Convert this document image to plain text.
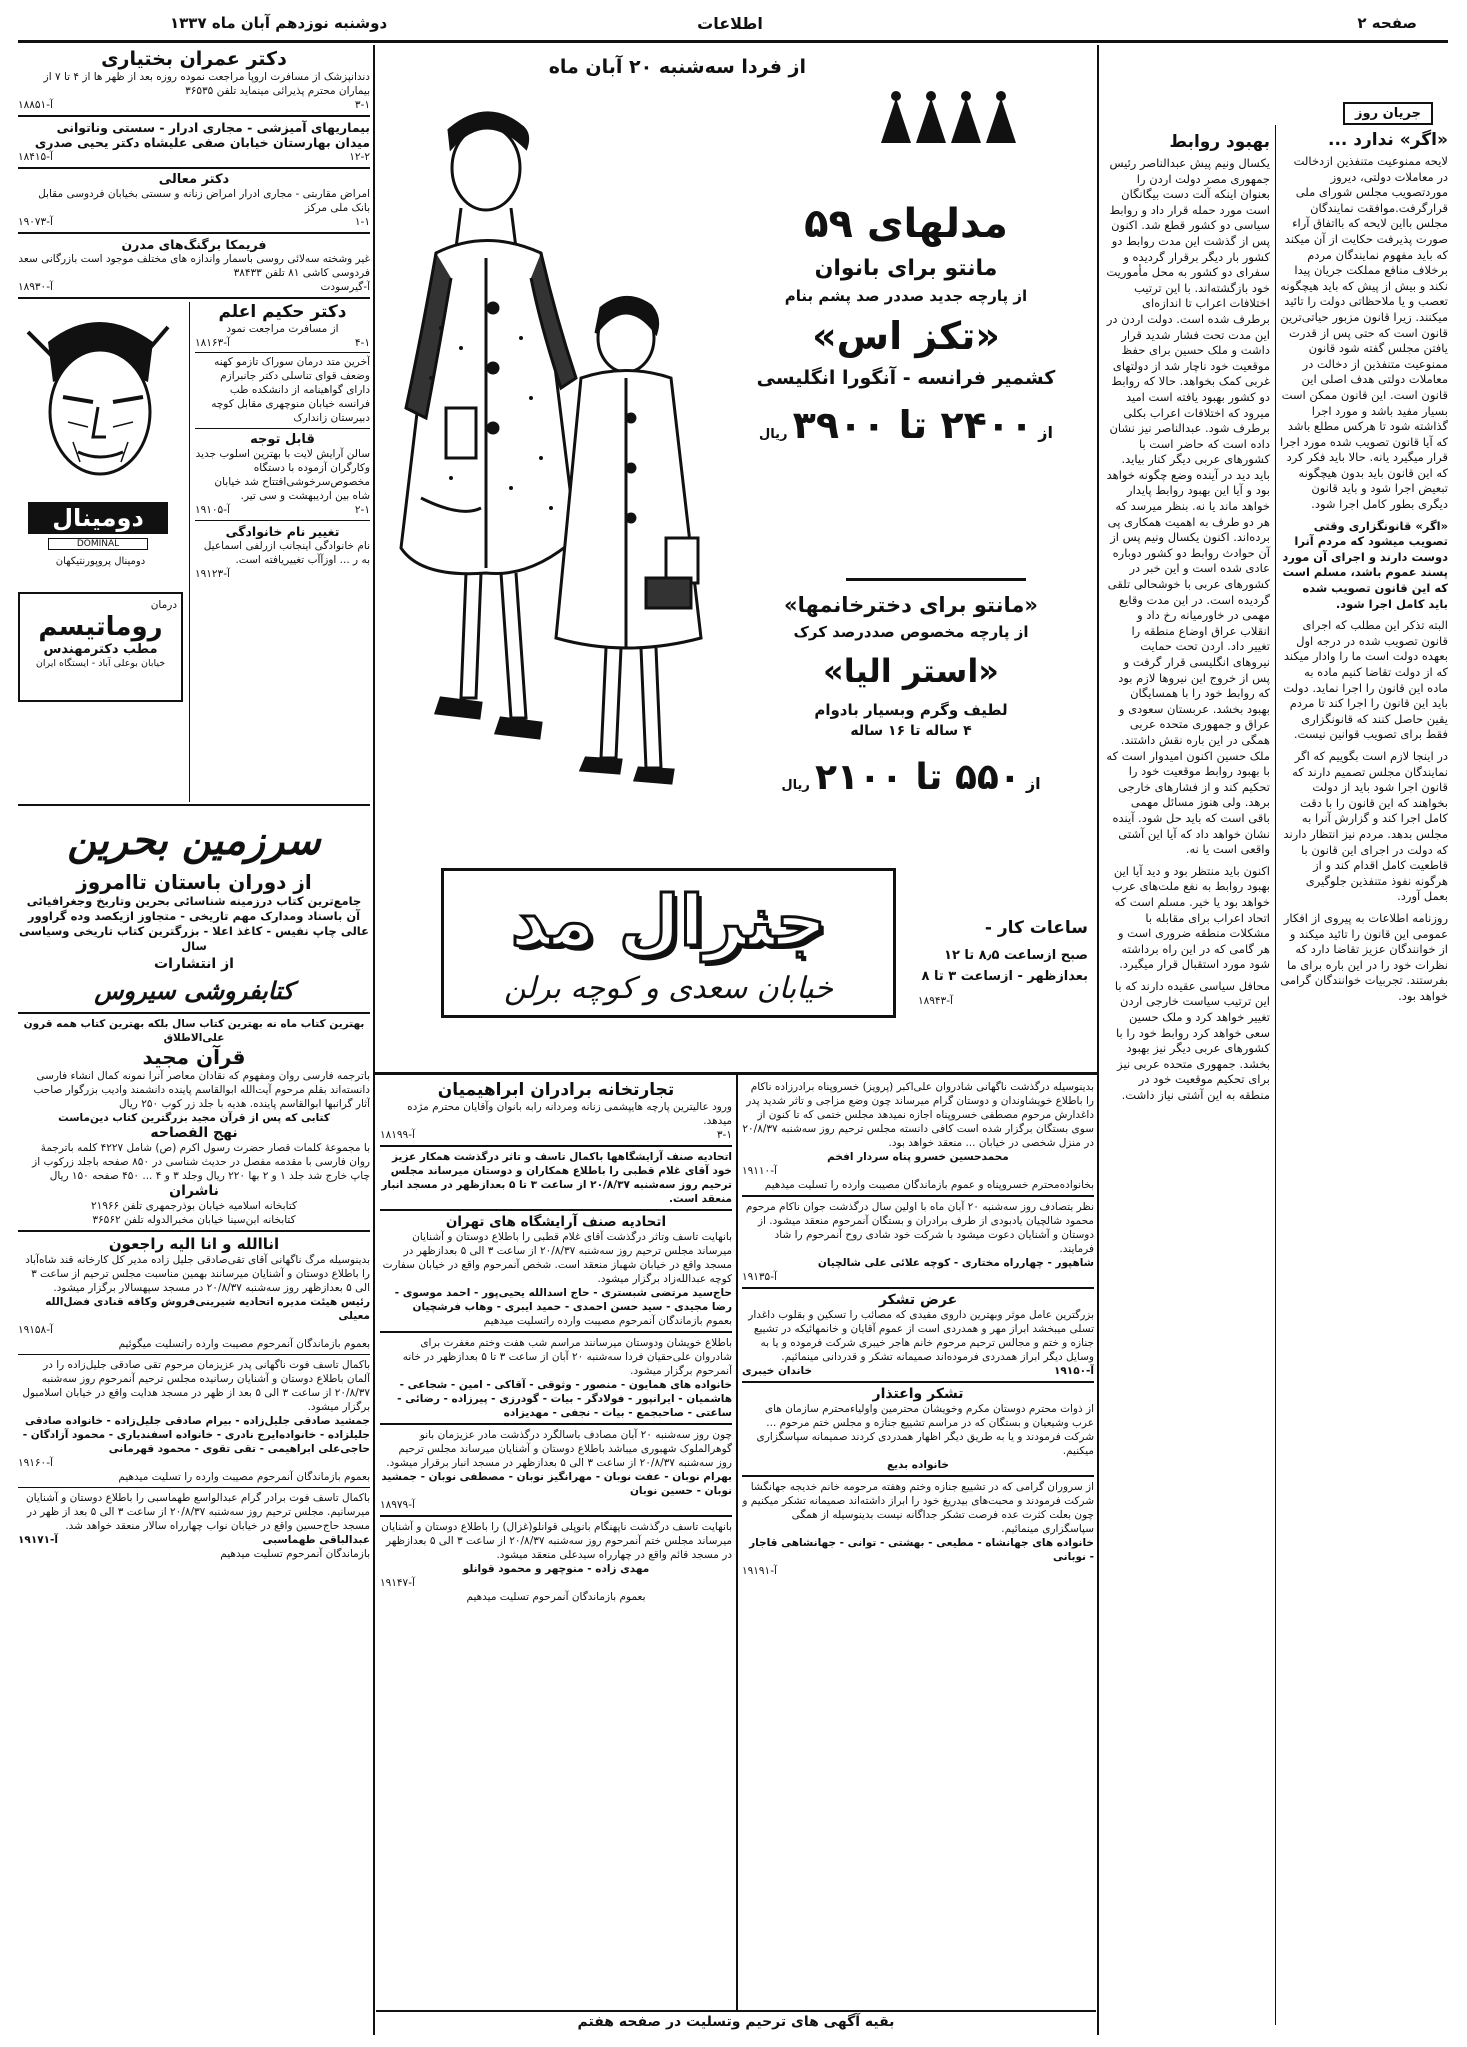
صفحه ۲
اطلاعات
دوشنبه نوزدهم آبان ماه ۱۳۳۷
جریان روز
«اگر» ندارد ...
لایحه ممنوعیت متنفذین ازدخالت در معاملات دولتی، دیروز موردتصویب مجلس شورای ملی قرارگرفت.موافقت نمایندگان مجلس بااین لایحه که بااتفاق آراء صورت پذیرفت حکایت از آن میکند که باید مفهوم نمایندگان مردم برخلاف منافع مملکت جریان پیدا نکند و بیش از پیش که باید هیچگونه تعصب و یا ملاحظاتی دولت را تائید میکنند. زیرا قانون مزبور حیاتی‌ترین قانون است که حتی پس از قدرت یافتن مجلس گفته شود قانون ممنوعیت متنفذین از دخالت در معاملات دولتی هدف اصلی این قانون است. این قانون ممکن است بسیار مفید باشد و مورد اجرا گذاشته شود تا هرکس مطلع باشد که آیا قانون تصویب شده مورد اجرا قرار میگیرد یانه. حالا باید فکر کرد که این قانون باید بدون هیچگونه تبعیض اجرا شود و باید قانون دیگری بطور کامل اجرا شود.
«اگر» قانونگزاری وقتی تصویب میشود که مردم آنرا دوست دارند و اجرای آن مورد پسند عموم باشد، مسلم است که این قانون تصویب شده باید کامل اجرا شود.
البته تذکر این مطلب که اجرای قانون تصویب شده در درجه اول بعهده دولت است ما را وادار میکند که از دولت تقاضا کنیم ماده به ماده این قانون را اجرا نماید. دولت باید این قانون را اجرا کند تا مردم یقین حاصل کنند که قانونگزاری فقط برای تصویب قوانین نیست.
در اینجا لازم است بگوییم که اگر نمایندگان مجلس تصمیم دارند که قانون اجرا شود باید از دولت بخواهند که این قانون را با دقت کامل اجرا کند و گزارش آنرا به مجلس بدهد. مردم نیز انتظار دارند که دولت در اجرای این قانون با قاطعیت کامل اقدام کند و از هرگونه نفوذ متنفذین جلوگیری بعمل آورد.
روزنامه اطلاعات به پیروی از افکار عمومی این قانون را تائید میکند و از خوانندگان عزیز تقاضا دارد که نظرات خود را در این باره برای ما بفرستند. تجربیات خوانندگان گرامی خواهد بود.
بهبود روابط
یکسال ونیم پیش عبدالناصر رئیس جمهوری مصر دولت اردن را بعنوان اینکه آلت دست بیگانگان است مورد حمله قرار داد و روابط سیاسی دو کشور قطع شد. اکنون پس از گذشت این مدت روابط دو کشور بار دیگر برقرار گردیده و سفرای دو کشور به محل مأموریت خود بازگشته‌اند. با این ترتیب اختلافات اعراب تا اندازه‌ای برطرف شده است. دولت اردن در این مدت تحت فشار شدید قرار داشت و ملک حسین برای حفظ موقعیت خود ناچار شد از دولتهای غربی کمک بخواهد. حالا که روابط دو کشور بهبود یافته است امید میرود که اختلافات اعراب بکلی برطرف شود. عبدالناصر نیز نشان داده است که حاضر است با کشورهای عربی دیگر کنار بیاید. باید دید در آینده وضع چگونه خواهد بود و آیا این بهبود روابط پایدار خواهد ماند یا نه. بنظر میرسد که هر دو طرف به اهمیت همکاری پی برده‌اند. اکنون یکسال ونیم پس از آن حوادث روابط دو کشور دوباره عادی شده است و این خبر در کشورهای عربی با خوشحالی تلقی گردیده است. در این مدت وقایع مهمی در خاورمیانه رخ داد و انقلاب عراق اوضاع منطقه را تغییر داد. اردن تحت حمایت نیروهای انگلیسی قرار گرفت و پس از خروج این نیروها لازم بود که روابط خود را با همسایگان بهبود بخشد. عربستان سعودی و عراق و جمهوری متحده عربی همگی در این باره نقش داشتند. ملک حسین اکنون امیدوار است که با بهبود روابط موقعیت خود را تحکیم کند و از فشارهای خارجی برهد. ولی هنوز مسائل مهمی باقی است که باید حل شود. آینده نشان خواهد داد که آیا این آشتی واقعی است یا نه.
اکنون باید منتظر بود و دید آیا این بهبود روابط به نفع ملت‌های عرب خواهد بود یا خیر. مسلم است که اتحاد اعراب برای مقابله با مشکلات منطقه ضروری است و هر گامی که در این راه برداشته شود مورد استقبال قرار میگیرد.
محافل سیاسی عقیده دارند که با این ترتیب سیاست خارجی اردن تغییر خواهد کرد و ملک حسین سعی خواهد کرد روابط خود را با کشورهای عربی دیگر نیز بهبود بخشد. جمهوری متحده عربی نیز برای تحکیم موقعیت خود در منطقه به این آشتی نیاز داشت.
از فردا سه‌شنبه ۲۰ آبان ماه
مدلهای ۵۹
مانتو برای بانوان
از پارچه جدید صددر صد پشم بنام
«تکز اس»
کشمیر فرانسه - آنگورا انگلیسی
از ۲۴۰۰ تا ۳۹۰۰ ریال
«مانتو برای دخترخانمها»
از پارچه مخصوص صددرصد کرک
«استر الیا»
لطیف وگرم وبسیار بادوام
۴ ساله تا ۱۶ ساله
از ۵۵۰ تا ۲۱۰۰ ریال
جنرال مد
خیابان سعدی و کوچه برلن
ساعات کار -
صبح ازساعت ۸٫۵ تا ۱۲
بعدازظهر - ازساعت ۳ تا ۸
آ-۱۸۹۴۳
دکتر عمران بختیاری
دندانپزشک از مسافرت اروپا مراجعت نموده روزه بعد از ظهر ها از ۴ تا ۷ از بیماران محترم پذیرائی مینماید تلفن ۳۶۵۳۵
۳-۱
آ-۱۸۸۵۱
بیماریهای آمیزشی - مجاری ادرار - سستی وناتوانی
میدان بهارستان خیابان صفی علیشاه دکتر یحیی صدری
۱۲-۲
آ-۱۸۴۱۵
دکتر معالی
امراض مقاربتی - مجاری ادرار امراض زنانه و سستی بخیابان فردوسی مقابل بانک ملی مرکز
۱-۱
آ-۱۹۰۷۳
فریمکا برگنگ‌های مدرن
غیر وشخته سه‌لائی روسی باسمار واندازه های مختلف موجود است بازرگانی سعد فردوسی کاشی ۸۱ تلفن ۳۸۴۳۳
آ-گیرسودت
آ-۱۸۹۳۰
دکتر حکیم اعلم
از مسافرت مراجعت نمود
۴-۱
آ-۱۸۱۶۳
آخرین متد درمان سوراک تازمو کهنه وضعف قوای تناسلی دکتر جانبرازم دارای گواهینامه از دانشکده طب فرانسه خیابان منوچهری مقابل کوچه دبیرستان زاندارک
قابل توجه
سالن آرایش لایت با بهترین اسلوب جدید وکارگران آزموده با دستگاه مخصوص‌سرخوشی‌افتتاح شد خیابان شاه بین اردیبهشت و سی تیر.
۲-۱
آ-۱۹۱۰۵
تغییر نام خانوادگی
نام خانوادگی اینجانب ازرلفی‌ اسماعیل به ر ... اوزآآب تغییریافته است.
آ-۱۹۱۲۳
دومینال
DOMINAL
دومینال پروپورنتیکهان
درمان
روماتیسم
مطب دکترمهندس
خیابان بوعلی آباد - ایستگاه ایران
سرزمین بحرین
از دوران باستان تاامروز
جامع‌ترین کتاب درزمینه شناسائی بحرین وتاریخ وجغرافیائی آن باسناد ومدارک مهم تاریخی - متجاوز ازیکصد وده گراوور عالی چاپ نفیس - کاغذ اعلا - بزرگترین کتاب تاریخی وسیاسی سال
از انتشارات
کتابفروشی سیروس
بهترین کتاب ماه نه بهترین کتاب سال بلکه بهترین کتاب همه قرون علی‌الاطلاق
قرآن مجید
باترجمه فارسی روان ومفهوم که نقادان معاصر آنرا نمونه کمال انشاء فارسی دانسته‌اند بقلم مرحوم آیت‌الله ابوالقاسم پاینده دانشمند وادیب بزرگوار صاحب آثار گرانبها ابوالقاسم پاینده. هدیه با جلد زر کوب ۲۵۰ ریال
کتابی که پس از قرآن مجید بزرگترین کتاب دین‌ماست
نهج الفصاحه
با مجموعهٔ کلمات قصار حضرت رسول اکرم (ص) شامل ۴۲۲۷ کلمه باترجمهٔ روان فارسی با مقدمه مفصل در حدیث شناسی در ۸۵۰ صفحه باجلد زرکوب از چاپ خارج شد جلد ۱ و ۲ بها ۲۲۰ ریال وجلد ۳ و ۴ ... ۴۵۰ صفحه ۱۵۰ ریال
ناشران
کتابخانه اسلامیه خیابان بوذرجمهری تلفن ۲۱۹۶۶
کتابخانه ابن‌سینا خیابان مخبرالدوله تلفن ۳۶۵۶۲
اناالله و انا الیه راجعون
بدینوسیله مرگ ناگهانی آقای تقی‌صادقی جلیل زاده مدیر کل کارخانه قند شاه‌آباد را باطلاع دوستان و آشنایان میرسانند بهمین مناسبت مجلس ترحیم از ساعت ۳ الی ۵ بعدازظهر روز سه‌شنبه ۲۰/۸/۳۷ در مسجد سپهسالار برگزار میشود.
رئیس هیئت مدیره اتحادیه شیرینی‌فروش وکافه قنادی فضل‌الله معیلی
آ-۱۹۱۵۸
بعموم بازماندگان آنمرحوم مصیبت وارده راتسلیت میگوئیم
باکمال تاسف فوت ناگهانی پدر عزیزمان مرحوم تقی صادقی جلیل‌زاده را در آلمان باطلاع دوستان و آشنایان رسانیده مجلس ترحیم آنمرحوم روز سه‌شنبه ۲۰/۸/۳۷ از ساعت ۳ الی ۵ بعد از ظهر در مسجد هدایت واقع در خیابان اسلامبول برگزار میشود.
جمشید صادقی جلیل‌زاده - بیرام صادقی جلیل‌زاده - خانواده صادقی جلیلزاده - خانواده‌ایرج نادری - خانواده اسفندیاری - محمود آزادگان - حاجی‌علی ابراهیمی - تقی تقوی - محمود قهرمانی
آ-۱۹۱۶۰
بعموم بازماندگان آنمرحوم مصیبت وارده را تسلیت میدهیم
باکمال تاسف فوت برادر گرام عبدالواسع طهماسبی را باطلاع دوستان و آشنایان میرسانیم. مجلس ترحیم روز سه‌شنبه ۲۰/۸/۳۷ از ساعت ۳ الی ۵ بعد از ظهر در مسجد حاج‌حسین واقع در خیابان نواب چهارراه سالار منعقد خواهد شد.
عبدالباقی طهماسبی
آ-۱۹۱۷۱
بازماندگان آنمرحوم تسلیت میدهیم
تجارتخانه برادران ابراهیمیان
ورود عالیترین پارچه هایپشمی زنانه ومردانه رابه بانوان وآقایان محترم مژده میدهد.
۳-۱
آ-۱۸۱۹۹
اتحادیه صنف آرایشگاهها باکمال تاسف و تاثر درگذشت همکار عزیز خود آقای غلام قطبی را باطلاع همکاران و دوستان میرساند مجلس ترحیم روز سه‌شنبه ۲۰/۸/۳۷ از ساعت ۳ تا ۵ بعدازظهر در مسجد انبار منعقد است.
اتحادیه صنف آرایشگاه های تهران
بانهایت تاسف وتاثر درگذشت آقای غلام قطبی را باطلاع دوستان و آشنایان میرساند مجلس ترحیم روز سه‌شنبه ۲۰/۸/۳۷ از ساعت ۳ الی ۵ بعدازظهر در مسجد واقع در خیابان شهباز منعقد است. شخص آنمرحوم واقع در خیابان سفارت کوچه عبدالله‌زاد برگزار میشود.
حاج‌سید مرتضی شبستری - حاج اسدالله یحیی‌پور - احمد موسوی - رضا مجیدی - سید حسن احمدی - حمید ایبری - وهاب فرشچیان
بعموم بازماندگان آنمرحوم مصیبت وارده راتسلیت میدهیم
باطلاع خویشان ودوستان میرسانند مراسم شب هفت وختم مغفرت برای شادروان علی‌حقیان فردا سه‌شنبه ۲۰ آبان از ساعت ۳ تا ۵ بعدازظهر در خانه آنمرحوم برگزار میشود.
خانواده های همایون - منصور - وثوقی - آقاکی - امین - شجاعی - هاشمیان - ایرانپور - فولادگر - بیات - گودرزی - پیرزاده - رضائی - ساعتی - صاحبجمع - بیات - نجفی - مهدیزاده
چون روز سه‌شنبه ۲۰ آبان مصادف باسالگرد درگذشت مادر عزیزمان بانو گوهرالملوک شهبوری میباشد باطلاع دوستان و آشنایان میرساند مجلس ترحیم روز سه‌شنبه ۲۰/۸/۳۷ از ساعت ۳ الی ۵ بعدازظهر در مسجد انبار برقرار میشود.
بهرام نوبان - عفت نوبان - مهرانگیز نوبان - مصطفی نوبان - جمشید نوبان - حسین نوبان
آ-۱۸۹۷۹
بانهایت تاسف درگذشت ناپهنگام بانوپلی قوانلو(غزال) را باطلاع دوستان و آشنایان میرساند مجلس ختم آنمرحوم روز سه‌شنبه ۲۰/۸/۳۷ از ساعت ۳ الی ۵ بعدازظهر در مسجد قائم واقع در چهارراه سیدعلی منعقد میشود.
مهدی زاده - منوچهر و محمود قوانلو
آ-۱۹۱۴۷
بعموم بازماندگان آنمرحوم تسلیت میدهیم
بدینوسیله درگذشت ناگهانی شادروان علی‌اکبر (پرویز) خسروپناه برادرزاده ناکام را باطلاع خویشاوندان و دوستان گرام میرساند چون وضع مزاجی و تاثر شدید پدر داغدارش مرحوم مصطفی خسروپناه اجازه نمیدهد مجلس ختمی که تا کنون از سوی بستگان برگزار شده است کافی دانسته مجلس ترحیم روز سه‌شنبه ۲۰/۸/۳۷ در منزل شخصی در خیابان ... منعقد خواهد بود.
محمدحسین خسرو پناه سردار افخم
آ-۱۹۱۱۰
بخانواده‌محترم خسروپناه و عموم بازماندگان مصیبت وارده را تسلیت میدهیم
نظر بتصادف روز سه‌شنبه ۲۰ آبان ماه با اولین سال درگذشت جوان ناکام مرحوم محمود شالچیان یادبودی از طرف برادران و بستگان آنمرحوم منعقد میشود. از دوستان و آشنایان دعوت میشود با شرکت خود شادی روح آنمرحوم را شاد فرمایند.
شاهپور - چهارراه مختاری - کوچه علائی علی شالچیان
آ-۱۹۱۳۵
عرض تشکر
بزرگترین عامل موثر وبهترین داروی مفیدی که مصائب را تسکین و بقلوب داغدار تسلی میبخشد ابراز مهر و همدردی است از عموم آقایان و خانمهائیکه در تشییع جنازه و ختم و مجالس ترحیم مرحوم خانم هاجر خیبری شرکت فرموده و یا به وسایل دیگر ابراز همدردی فرموده‌اند صمیمانه تشکر و قدردانی مینمائیم.
آ-۱۹۱۵۰
خاندان خیبری
تشکر واعتذار
از ذوات محترم دوستان مکرم وخویشان محترمین واولیاءمحترم سازمان های عرب وشیعیان و بستگان که در مراسم تشییع جنازه و مجلس ختم مرحوم ... شرکت فرمودند و یا به طریق دیگر اظهار همدردی کردند صمیمانه سپاسگزاری میکنیم.
خانواده بدیع
از سروران گرامی که در تشییع جنازه وختم وهفته مرحومه خانم خدیجه جهانگشا شرکت فرمودند و محبت‌های بیدریغ خود را ابراز داشته‌اند صمیمانه تشکر میکنیم و چون بعلت کثرت عده فرصت تشکر جداگانه نیست بدینوسیله از همگی سپاسگزاری مینمائیم.
خانواده های جهانشاه - مطیعی - بهشتی - توانی - جهانشاهی قاجار - نوبانی
آ-۱۹۱۹۱
بقیه آگهی های ترحیم وتسلیت در صفحه هفتم
